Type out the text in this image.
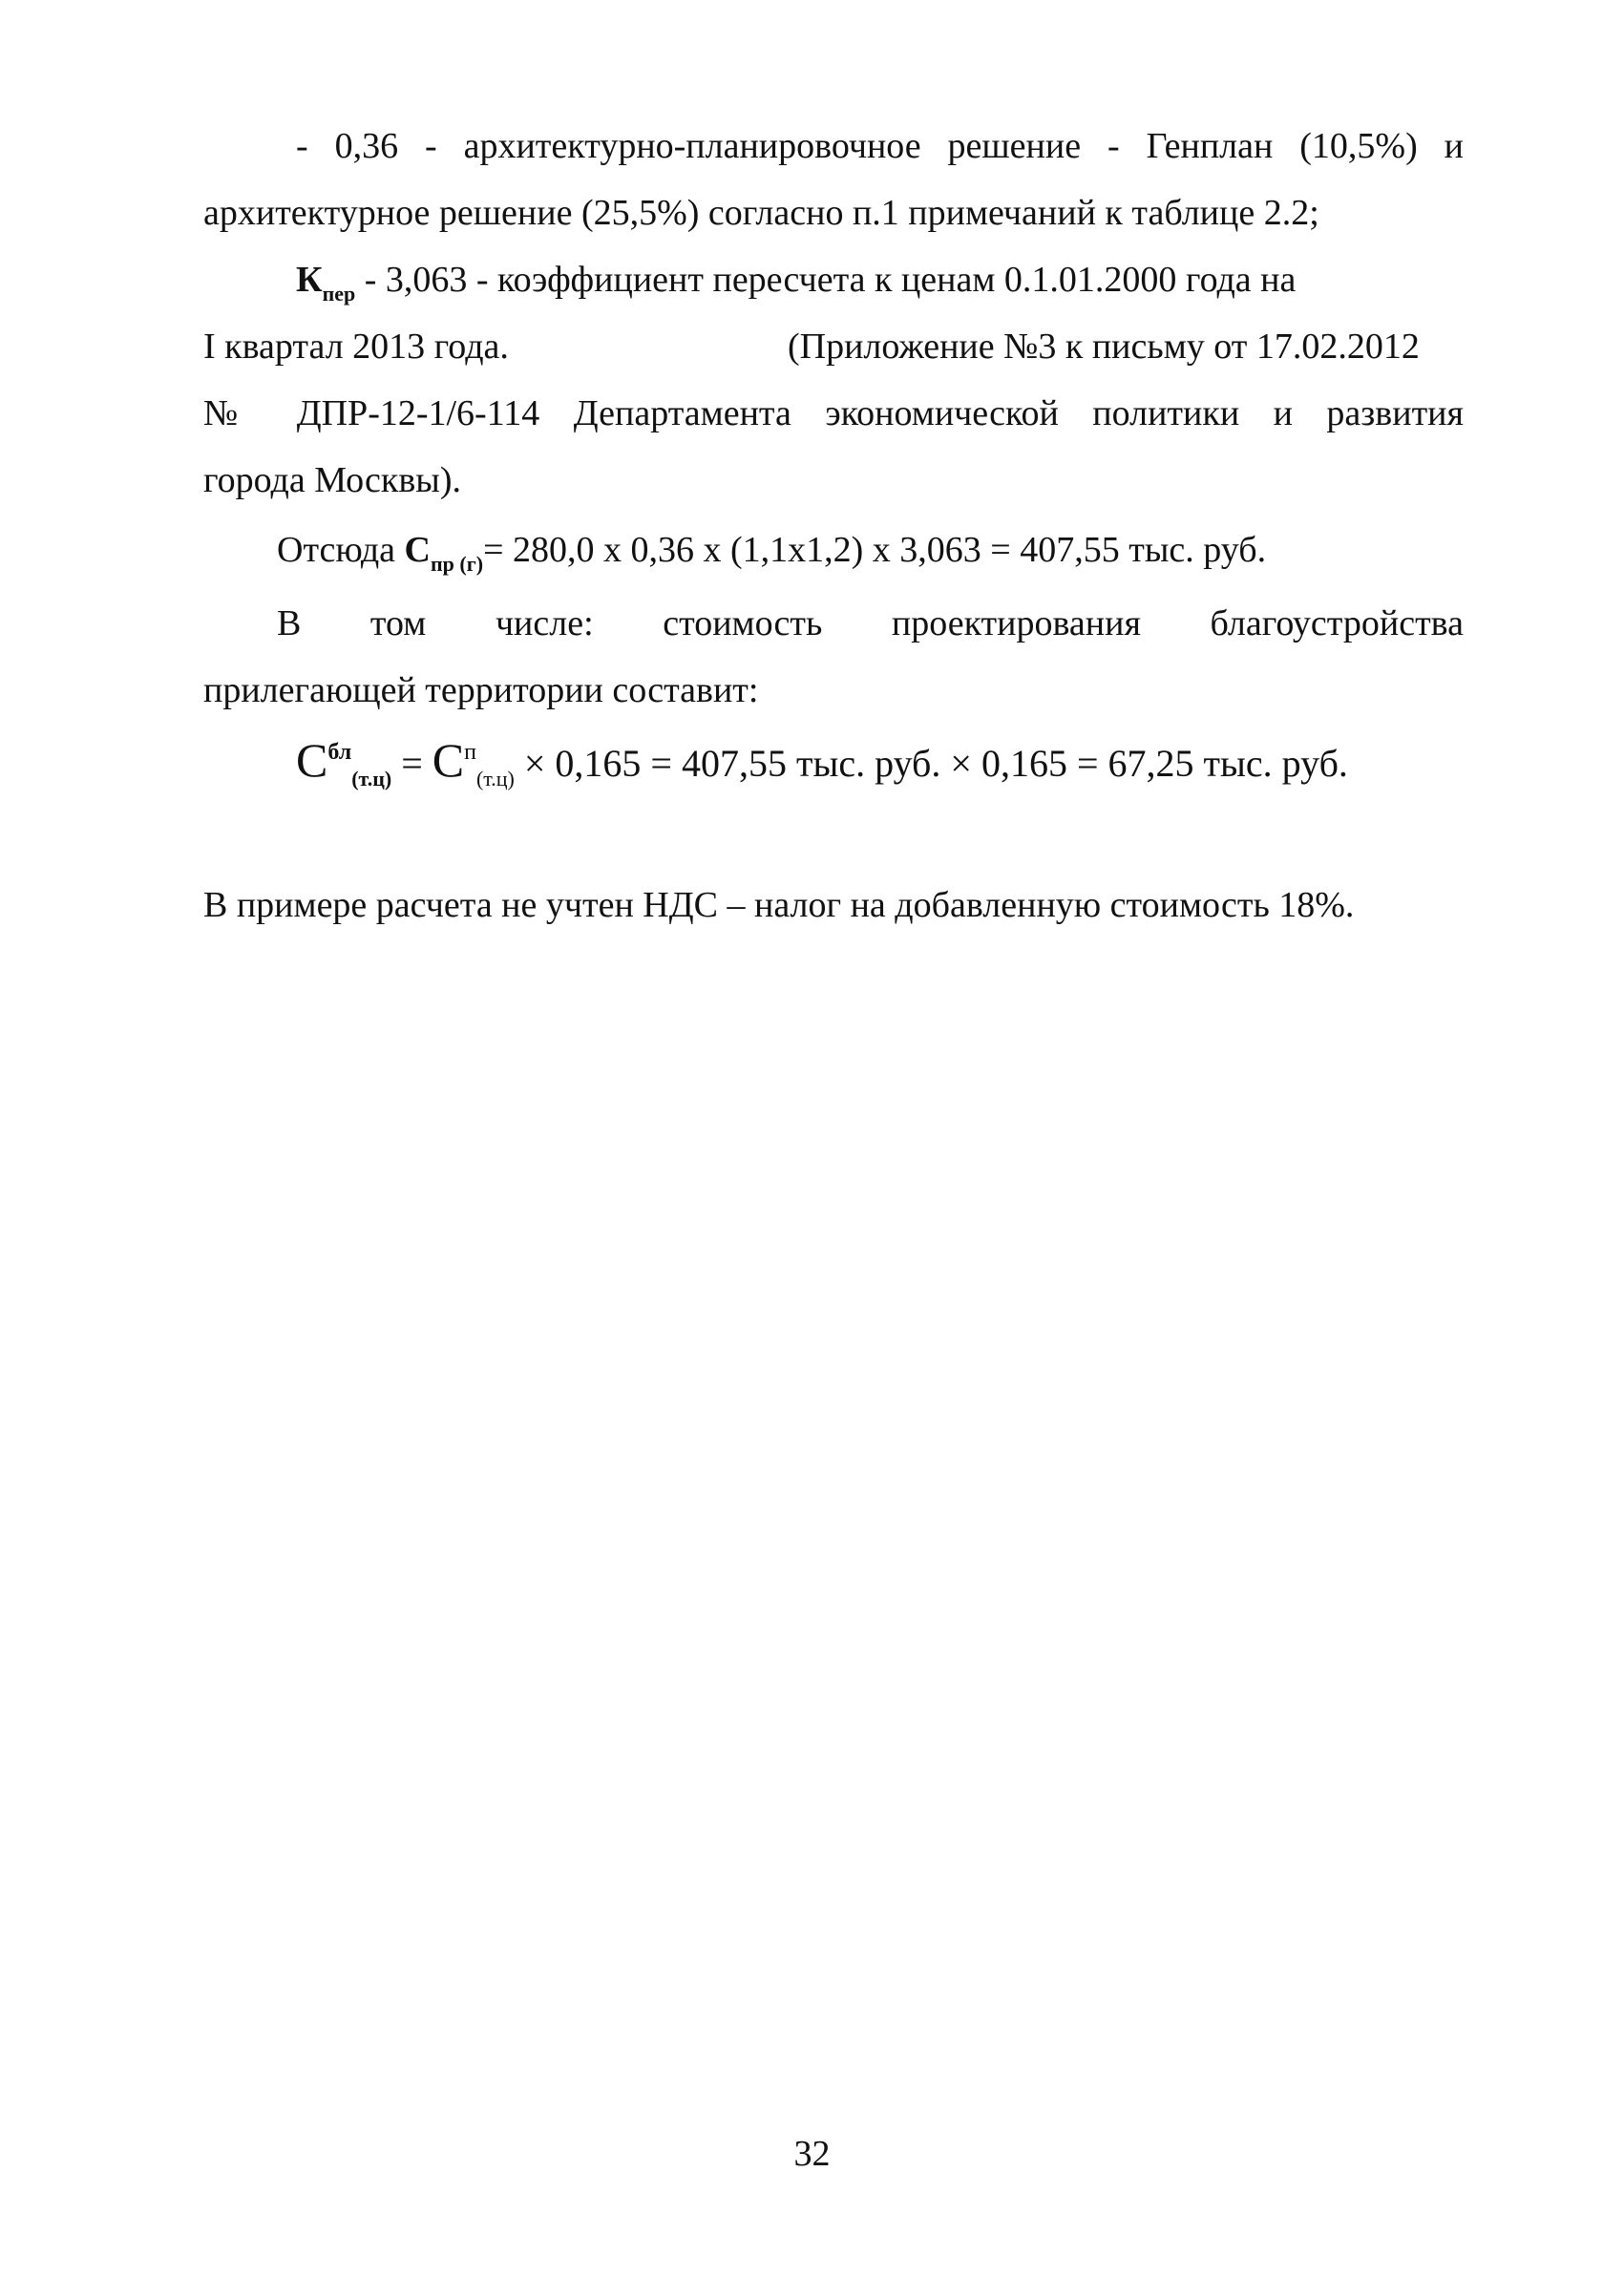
- 0,36 - архитектурно-планировочное решение - Генплан (10,5%) и
архитектурное решение (25,5%) согласно п.1 примечаний к таблице 2.2;
$К_{пер} - 3,063$ - коэффициент пересчета к ценам 0.1.01.2000 года на
I квартал 2013 года.	(Приложение №3 к письму от 17.02.2012
№ ДПР-12-1/6-114 Департамента экономической политики и развития
города Москвы).
Отсюда $С_{пр (г)}= 280,0$ х 0,36 х (1,1х1,2) х 3,063 = 407,55 тыс. руб.
В том числе: стоимость проектирования благоустройства
прилегающей территории составит:
$С^{бл}_{(т.ц)} = С^п_{(т.ц)} \times 0,165 = 407,55$ тыс. руб. × 0,165 = 67,25 тыс. руб.
В примере расчета не учтен НДС – налог на добавленную стоимость 18%.
32
